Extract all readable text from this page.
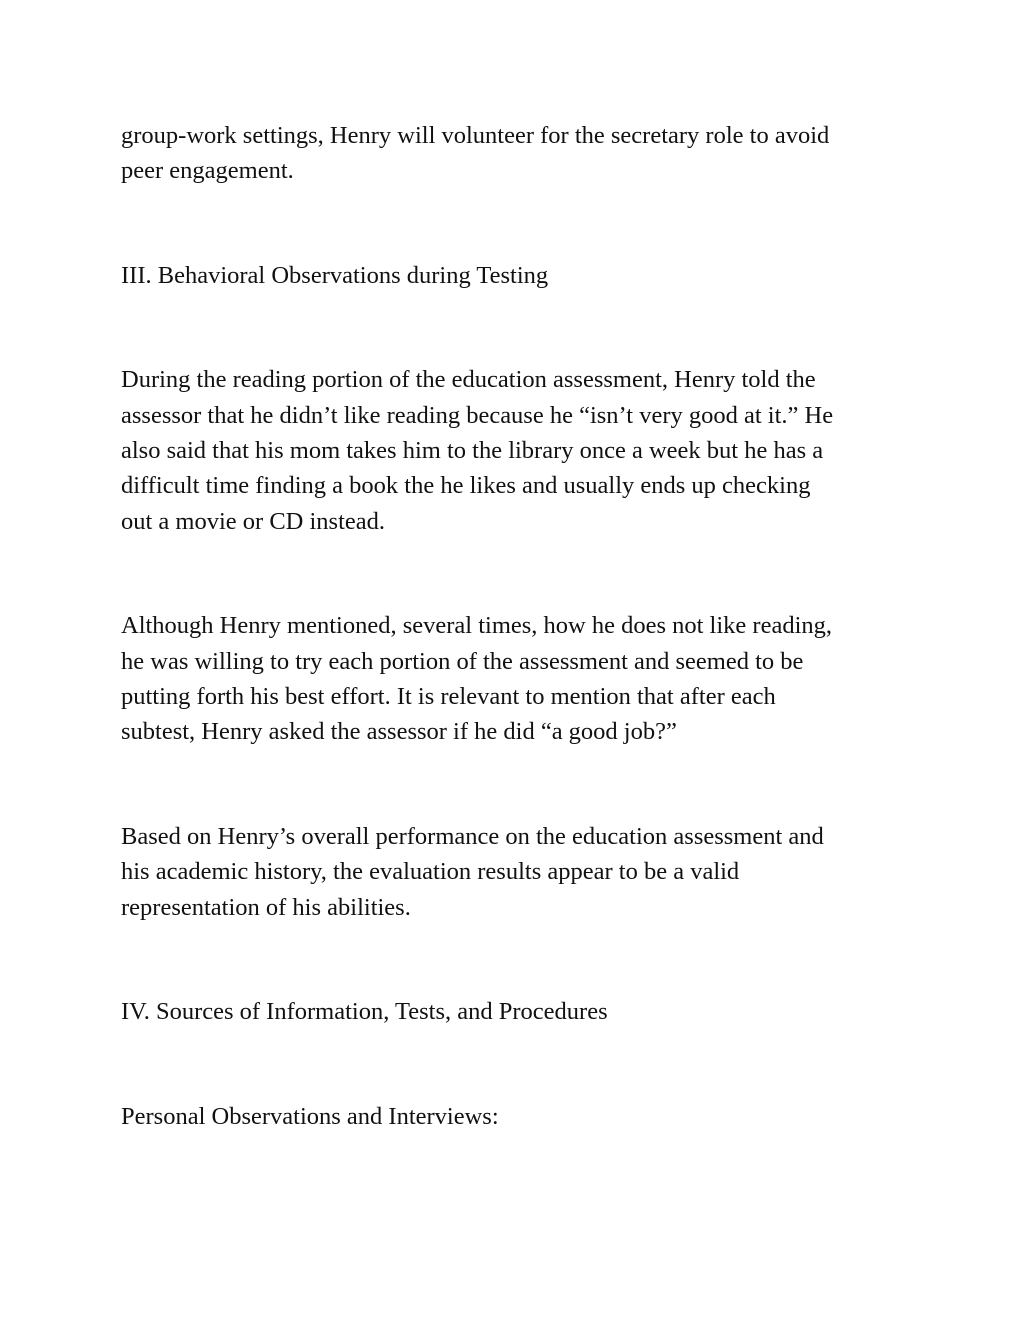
group-work settings, Henry will volunteer for the secretary role to avoid
peer engagement.

III. Behavioral Observations during Testing

During the reading portion of the education assessment, Henry told the
assessor that he didn’t like reading because he “isn’t very good at it.” He
also said that his mom takes him to the library once a week but he has a
difficult time finding a book the he likes and usually ends up checking
out a movie or CD instead.

Although Henry mentioned, several times, how he does not like reading,
he was willing to try each portion of the assessment and seemed to be
putting forth his best effort. It is relevant to mention that after each
subtest, Henry asked the assessor if he did “a good job?”

Based on Henry’s overall performance on the education assessment and
his academic history, the evaluation results appear to be a valid
representation of his abilities.

IV. Sources of Information, Tests, and Procedures

Personal Observations and Interviews:
